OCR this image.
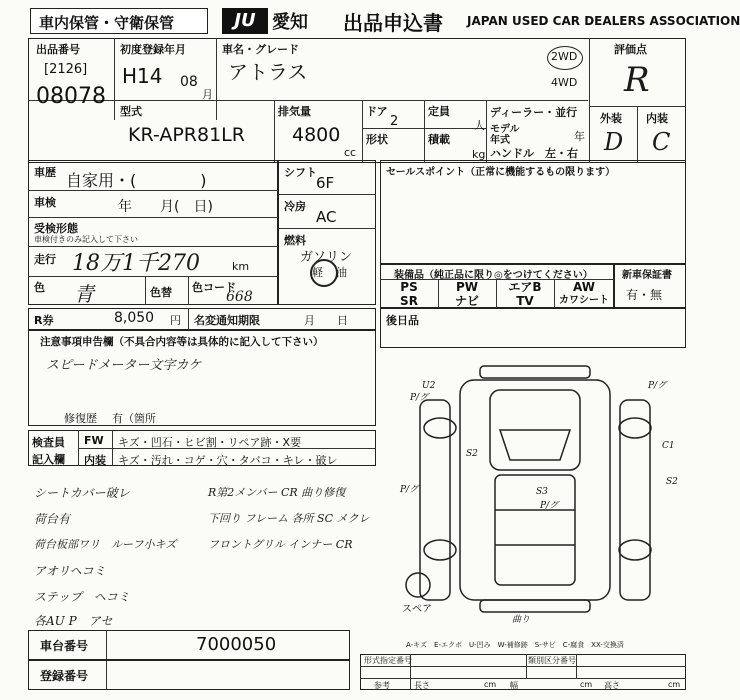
車内保管・守衛保管	JU 愛知 出品申込書 JAPAN USED CAR DEALERS ASSOCIATION
出品番号
[2126]
08078
初度登録年月
H14 08
月
車名・グレード
アトラス
2WD
4WD
評価点
R
外装 内装
D C
型式
KR-APR81LR
排気量
4800
cc
ドア
2
形状
定員
人
積載
kg
ディーラー・並行
モデル 年式	年
ハンドル　左・右
車歴 自家用・(　　　　)
車検	年　　月(　日)
受検形態
車検付きのみ記入して下さい
走行 18万1千270	km
色 青	色替 色コード
668
シフト
6F
冷房
AC
燃料
ガソリン
軽 油
セールスポイント（正常に機能するもの限ります）
装備品（純正品に限り◎をつけてください）
PS	PW	エアB	AW
SR	ナビ	TV	カワシート
新車保証書
有・無
R券	8,050 円 名変通知期限	月　　日	後日品
注意事項申告欄（不具合内容等は具体的に記入して下さい）
スピードメーター文字カケ
修復歴 有（箇所
検査員
記入欄
FW キズ・凹石・ヒビ割・リペア跡・X要
内装 キズ・汚れ・コゲ・穴・タバコ・キレ・破レ
シートカバー破レ
荷台有
荷台板部ワリ　ルーフ小キズ
アオリヘコミ
ステップ　ヘコミ
各AU P　アセ
R第2メンバー CR 曲り修復
下回り フレーム 各所 SC メクレ
フロントグリル インナー CR
U2
P/グ
S2
P/グ	S3
P/グ
C1
S2
P/グ
曲り
スペア
A-キズ　E-エクボ　U-凹み　W-補修跡　S-サビ　C-腐食　XX-交換済
車台番号	7000050
登録番号
形式指定番号	類別区分番号
参考	長さ	cm 幅	cm 高さ	cm
